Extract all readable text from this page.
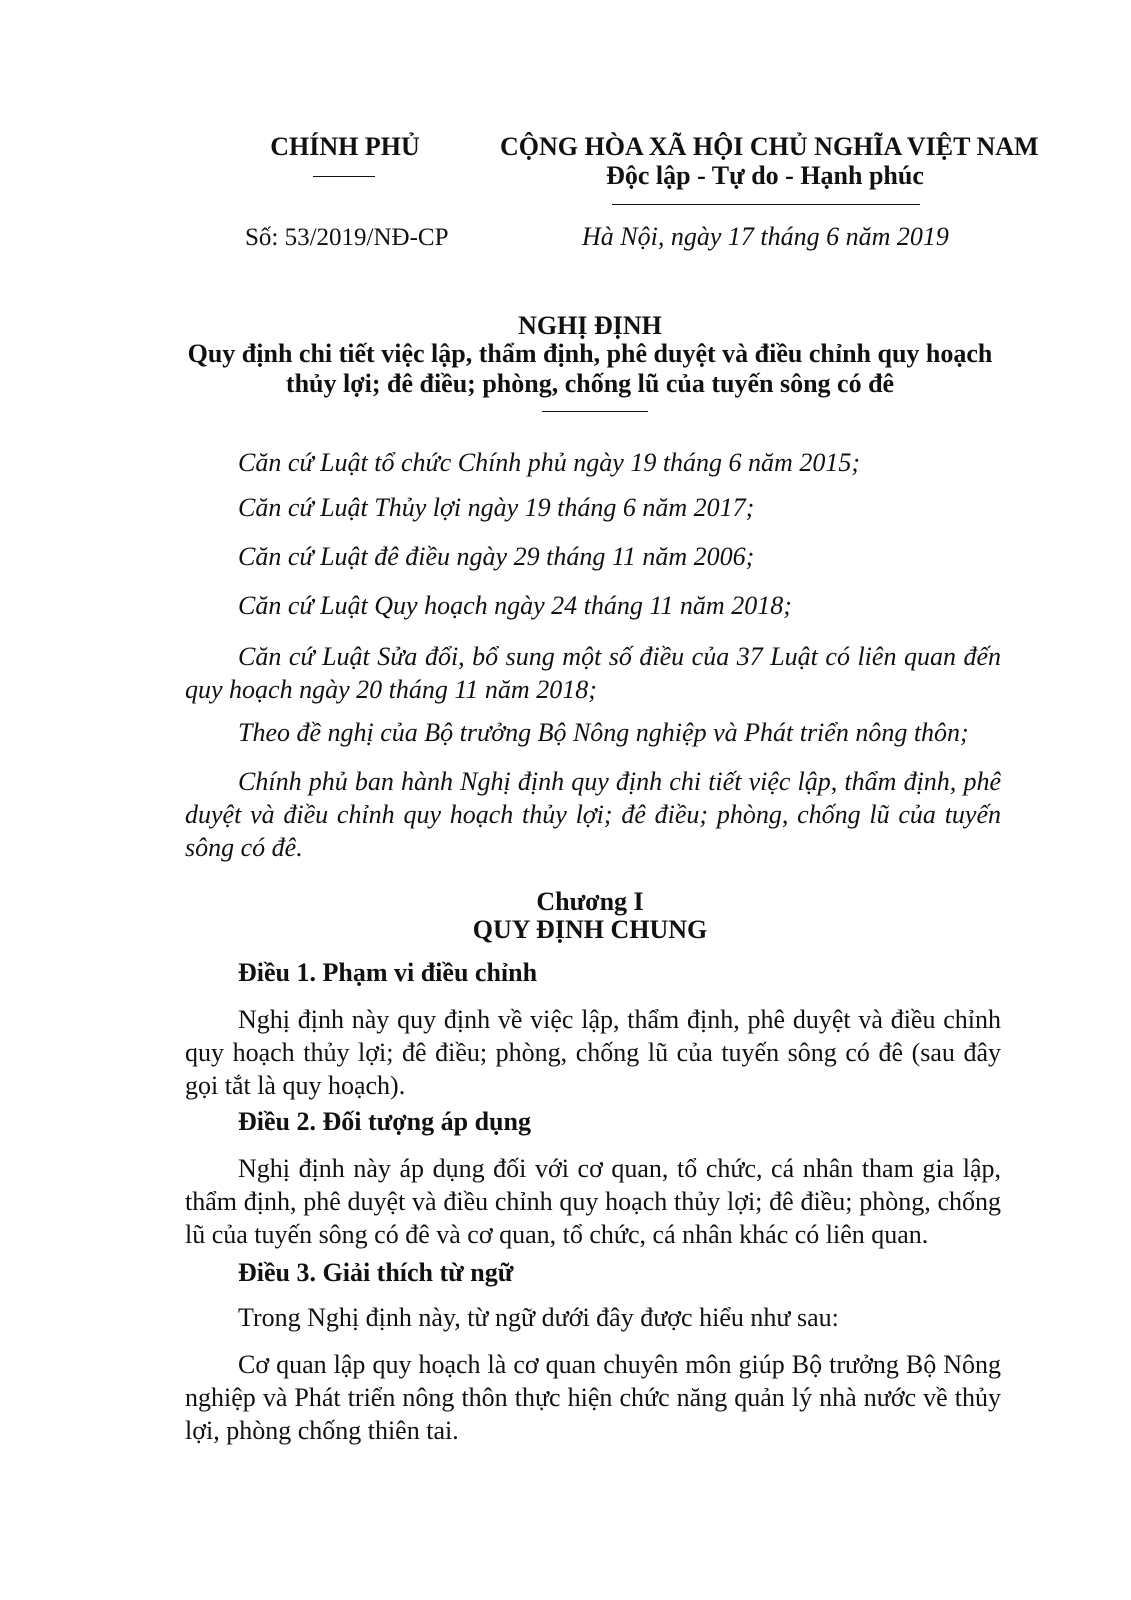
CHÍNH PHỦ	CỘNG HÒA XÃ HỘI CHỦ NGHĨA VIỆT NAM
Độc lập - Tự do - Hạnh phúc
Số: 53/2019/NĐ-CP	Hà Nội, ngày 17 tháng 6 năm 2019
NGHỊ ĐỊNH
Quy định chi tiết việc lập, thẩm định, phê duyệt và điều chỉnh quy hoạch
thủy lợi; đê điều; phòng, chống lũ của tuyến sông có đê
Căn cứ Luật tổ chức Chính phủ ngày 19 tháng 6 năm 2015;
Căn cứ Luật Thủy lợi ngày 19 tháng 6 năm 2017;
Căn cứ Luật đê điều ngày 29 tháng 11 năm 2006;
Căn cứ Luật Quy hoạch ngày 24 tháng 11 năm 2018;
Căn cứ Luật Sửa đổi, bổ sung một số điều của 37 Luật có liên quan đến quy hoạch ngày 20 tháng 11 năm 2018;
Theo đề nghị của Bộ trưởng Bộ Nông nghiệp và Phát triển nông thôn;
Chính phủ ban hành Nghị định quy định chi tiết việc lập, thẩm định, phê duyệt và điều chỉnh quy hoạch thủy lợi; đê điều; phòng, chống lũ của tuyến sông có đê.
Chương I
QUY ĐỊNH CHUNG
Điều 1. Phạm vi điều chỉnh
Nghị định này quy định về việc lập, thẩm định, phê duyệt và điều chỉnh quy hoạch thủy lợi; đê điều; phòng, chống lũ của tuyến sông có đê (sau đây gọi tắt là quy hoạch).
Điều 2. Đối tượng áp dụng
Nghị định này áp dụng đối với cơ quan, tổ chức, cá nhân tham gia lập, thẩm định, phê duyệt và điều chỉnh quy hoạch thủy lợi; đê điều; phòng, chống lũ của tuyến sông có đê và cơ quan, tổ chức, cá nhân khác có liên quan.
Điều 3. Giải thích từ ngữ
Trong Nghị định này, từ ngữ dưới đây được hiểu như sau:
Cơ quan lập quy hoạch là cơ quan chuyên môn giúp Bộ trưởng Bộ Nông nghiệp và Phát triển nông thôn thực hiện chức năng quản lý nhà nước về thủy lợi, phòng chống thiên tai.
